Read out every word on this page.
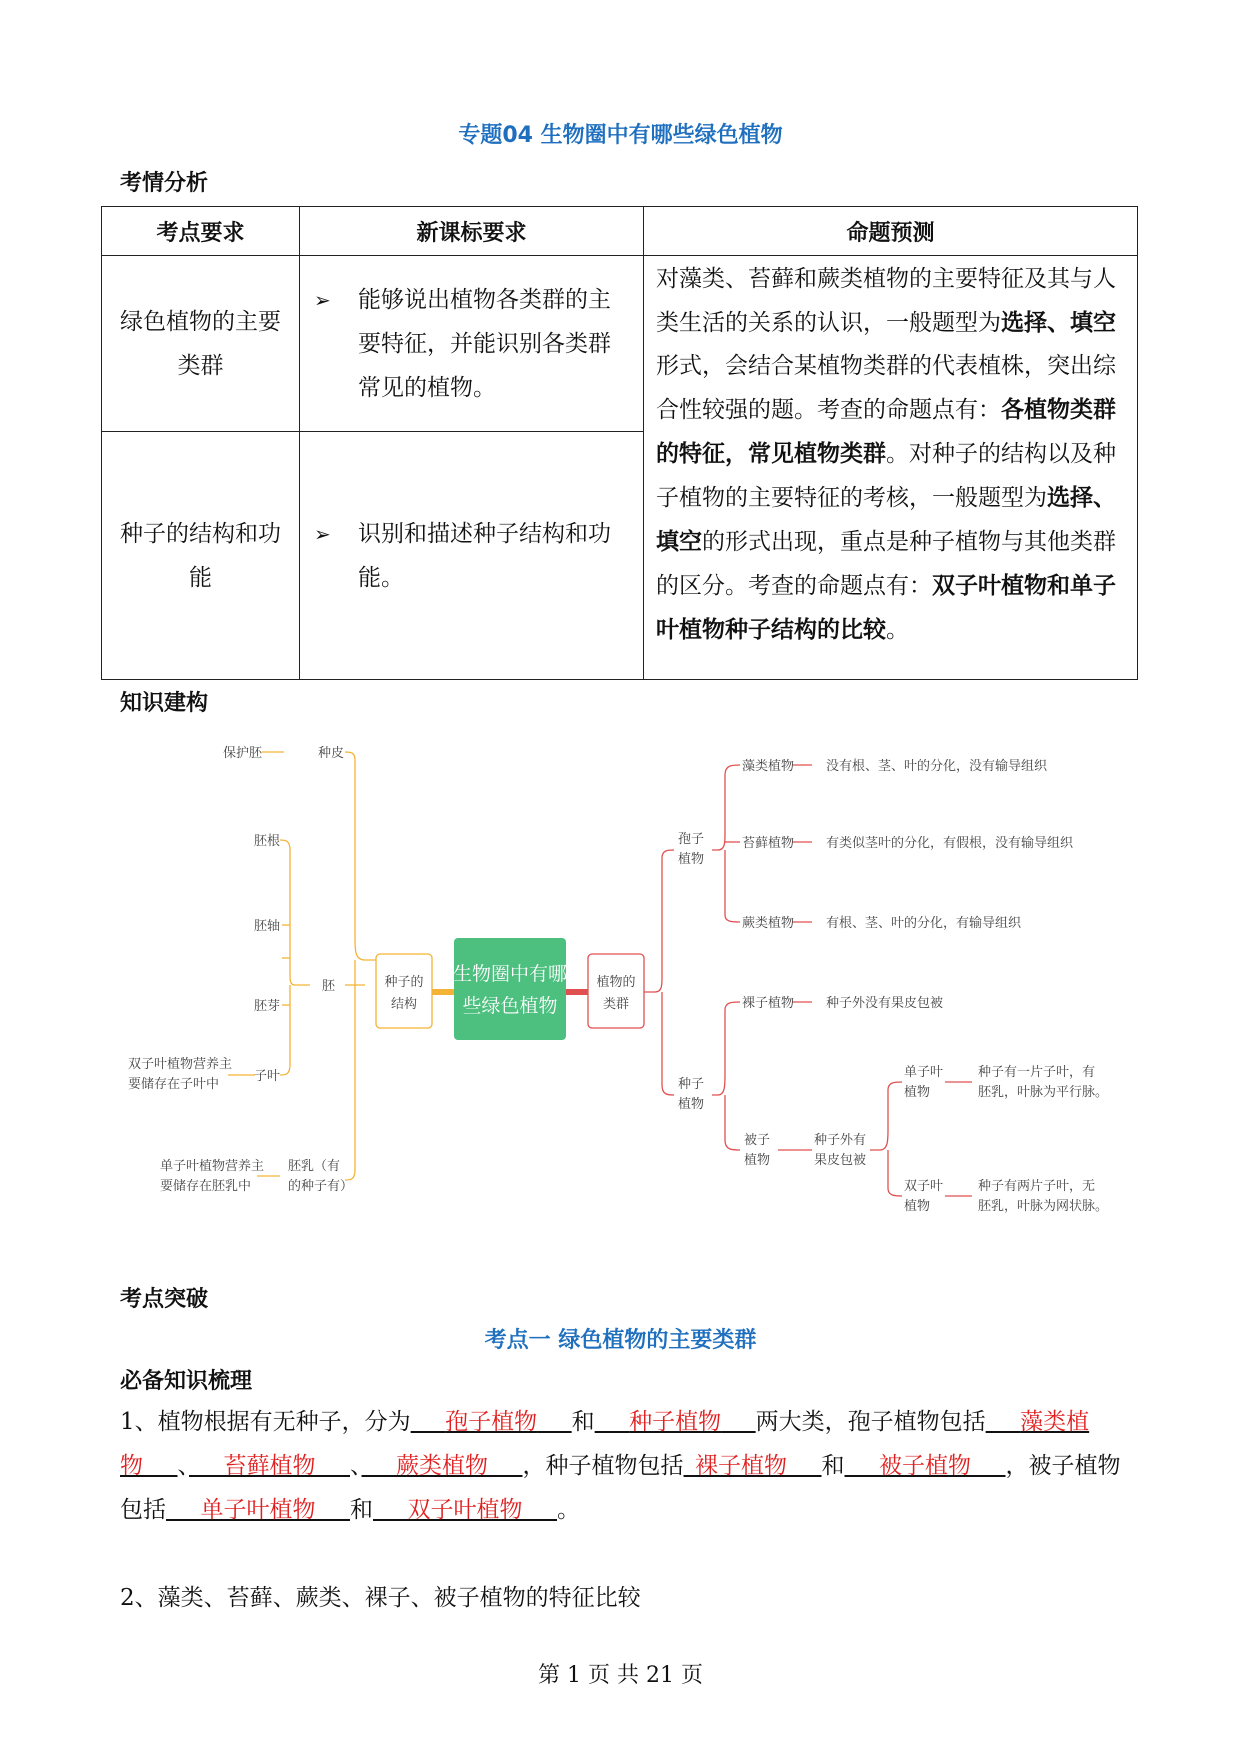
专题04 生物圈中有哪些绿色植物
考情分析
考点要求	新课标要求	命题预测
绿色植物的主要类群	➢ 能够说出植物各类群的主要特征，并能识别各类群常见的植物。	对藻类、苔藓和蕨类植物的主要特征及其与人类生活的关系的认识，一般题型为选择、填空形式，会结合某植物类群的代表植株，突出综合性较强的题。考查的命题点有：各植物类群的特征，常见植物类群。对种子的结构以及种子植物的主要特征的考核，一般题型为选择、填空的形式出现，重点是种子植物与其他类群的区分。考查的命题点有：双子叶植物和单子叶植物种子结构的比较。
种子的结构和功能	➢ 识别和描述种子结构和功能。	
知识建构
生物圈中有哪
些绿色植物
种子的
结构
植物的
类群
保护胚	种皮
胚根
胚轴
胚芽
子叶
胚
双子叶植物营养主
要储存在子叶中
单子叶植物营养主
要储存在胚乳中
胚乳（有
的种子有）
孢子
植物
藻类植物
苔藓植物
蕨类植物
没有根、茎、叶的分化，没有输导组织
有类似茎叶的分化，有假根，没有输导组织
有根、茎、叶的分化，有输导组织
种子
植物
裸子植物 种子外没有果皮包被
被子
植物
种子外有
果皮包被
单子叶
植物
种子有一片子叶，有
胚乳，叶脉为平行脉。
双子叶
植物
种子有两片子叶，无
胚乳，叶脉为网状脉。
考点突破
考点一 绿色植物的主要类群
必备知识梳理
1、植物根据有无种子，分为　  孢子植物　  和　  种子植物　  两大类，孢子植物包括　  藻类植物　  、　  苔藓植物　  、　  蕨类植物　  ，种子植物包括  裸子植物　  和　  被子植物　  ，被子植物包括　  单子叶植物　  和　  双子叶植物　  。
2、藻类、苔藓、蕨类、裸子、被子植物的特征比较
第 1 页 共 21 页
